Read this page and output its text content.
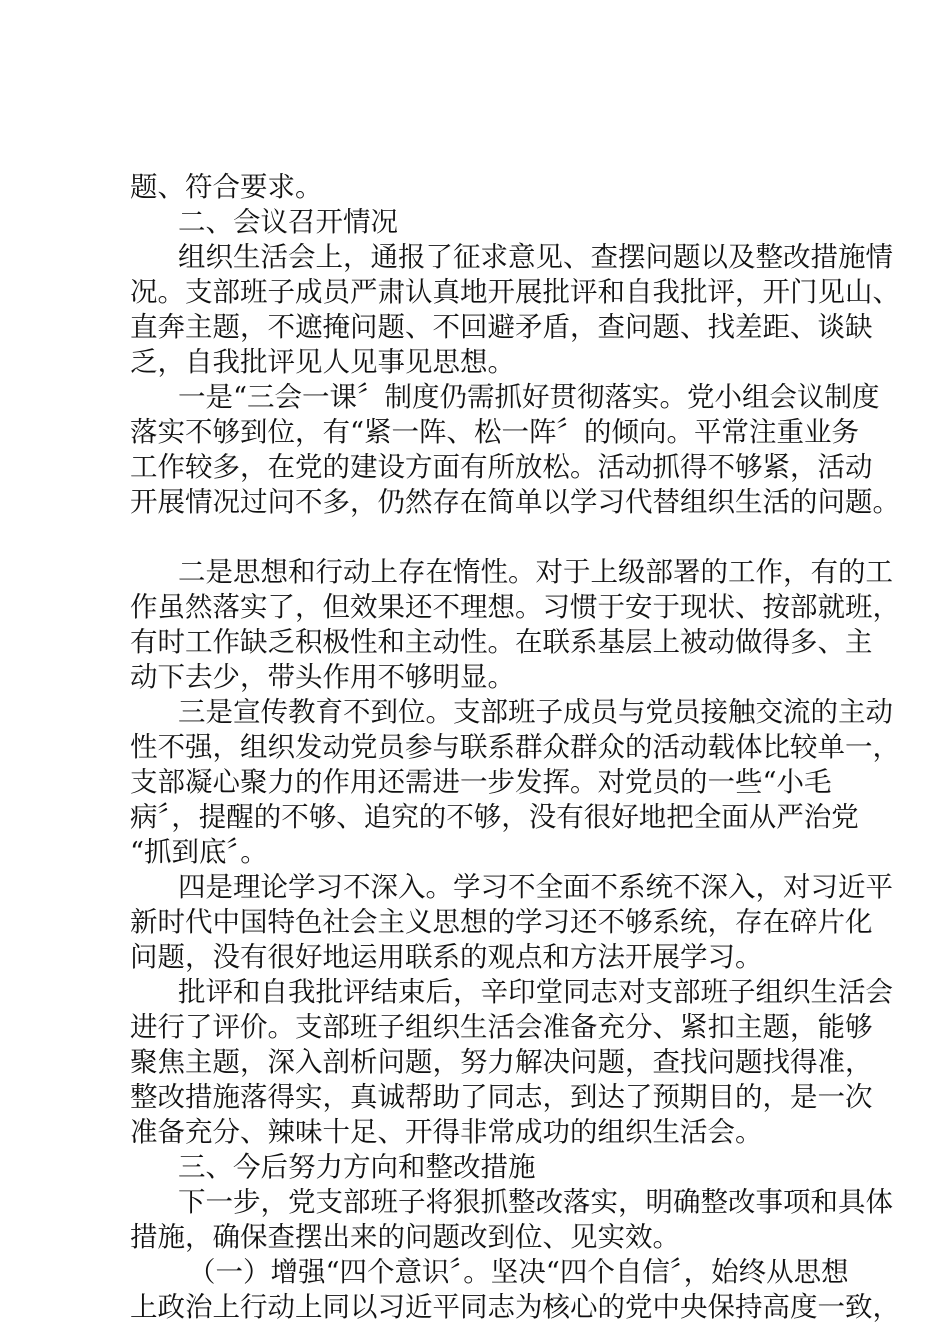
题、符合要求。
二、会议召开情况
组织生活会上，通报了征求意见、查摆问题以及整改措施情
况。支部班子成员严肃认真地开展批评和自我批评，开门见山、
直奔主题，不遮掩问题、不回避矛盾，查问题、找差距、谈缺
乏，自我批评见人见事见思想。
一是“三会一课〞制度仍需抓好贯彻落实。党小组会议制度
落实不够到位，有“紧一阵、松一阵〞的倾向。平常注重业务
工作较多，在党的建设方面有所放松。活动抓得不够紧，活动
开展情况过问不多，仍然存在简单以学习代替组织生活的问题。
二是思想和行动上存在惰性。对于上级部署的工作，有的工
作虽然落实了，但效果还不理想。习惯于安于现状、按部就班，
有时工作缺乏积极性和主动性。在联系基层上被动做得多、主
动下去少，带头作用不够明显。
三是宣传教育不到位。支部班子成员与党员接触交流的主动
性不强，组织发动党员参与联系群众群众的活动载体比较单一，
支部凝心聚力的作用还需进一步发挥。对党员的一些“小毛
病〞，提醒的不够、追究的不够，没有很好地把全面从严治党
“抓到底〞。
四是理论学习不深入。学习不全面不系统不深入，对习近平
新时代中国特色社会主义思想的学习还不够系统，存在碎片化
问题，没有很好地运用联系的观点和方法开展学习。
批评和自我批评结束后，辛印堂同志对支部班子组织生活会
进行了评价。支部班子组织生活会准备充分、紧扣主题，能够
聚焦主题，深入剖析问题，努力解决问题，查找问题找得准，
整改措施落得实，真诚帮助了同志，到达了预期目的，是一次
准备充分、辣味十足、开得非常成功的组织生活会。
三、今后努力方向和整改措施
下一步，党支部班子将狠抓整改落实，明确整改事项和具体
措施，确保查摆出来的问题改到位、见实效。
（一）增强“四个意识〞。坚决“四个自信〞，始终从思想
上政治上行动上同以习近平同志为核心的党中央保持高度一致，
